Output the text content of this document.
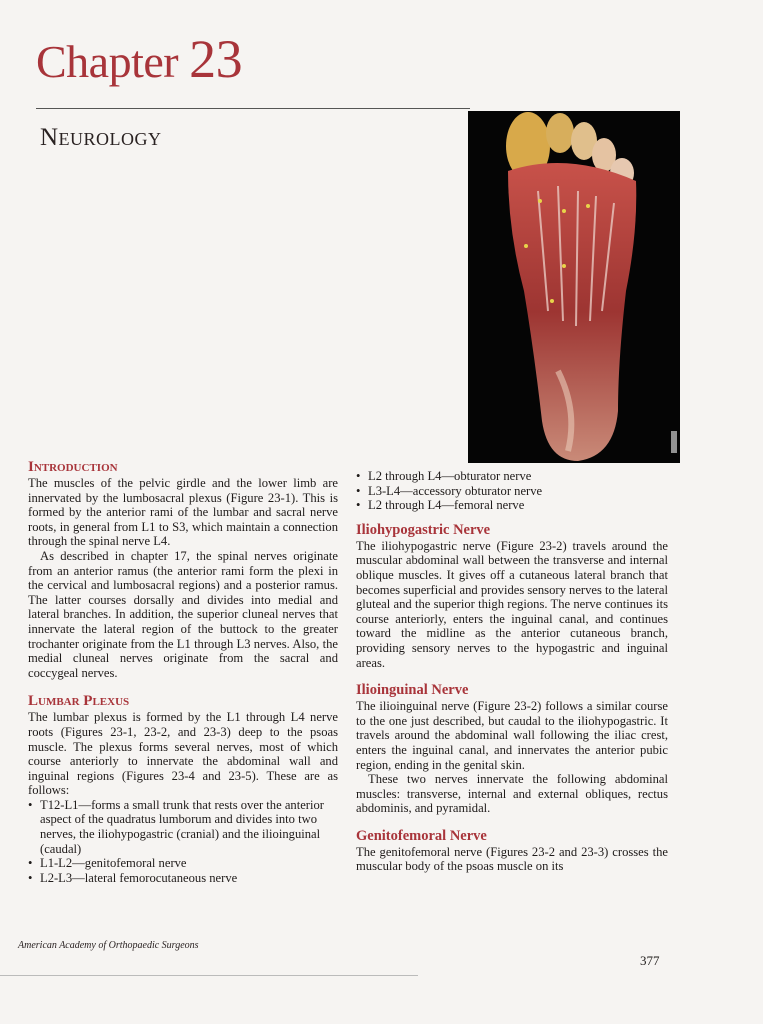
Chapter 23
Neurology
Introduction

The muscles of the pelvic girdle and the lower limb are innervated by the lumbosacral plexus (Figure 23-1). This is formed by the anterior rami of the lumbar and sacral nerve roots, in general from L1 to S3, which maintain a connection through the spinal nerve L4.

As described in chapter 17, the spinal nerves originate from an anterior ramus (the anterior rami form the plexi in the cervical and lumbosacral regions) and a posterior ramus. The latter courses dorsally and divides into medial and lateral branches. In addition, the superior cluneal nerves that innervate the lateral region of the buttock to the greater trochanter originate from the L1 through L3 nerves. Also, the medial cluneal nerves originate from the sacral and coccygeal nerves.

Lumbar Plexus

The lumbar plexus is formed by the L1 through L4 nerve roots (Figures 23-1, 23-2, and 23-3) deep to the psoas muscle. The plexus forms several nerves, most of which course anteriorly to innervate the abdominal wall and inguinal regions (Figures 23-4 and 23-5). These are as follows:

• T12-L1—forms a small trunk that rests over the anterior aspect of the quadratus lumborum and divides into two nerves, the iliohypogastric (cranial) and the ilioinguinal (caudal)
• L1-L2—genitofemoral nerve
• L2-L3—lateral femorocutaneous nerve
• L2 through L4—obturator nerve
• L3-L4—accessory obturator nerve
• L2 through L4—femoral nerve
Iliohypogastric Nerve

The iliohypogastric nerve (Figure 23-2) travels around the muscular abdominal wall between the transverse and internal oblique muscles. It gives off a cutaneous lateral branch that becomes superficial and provides sensory nerves to the lateral gluteal and the superior thigh regions. The nerve continues its course anteriorly, enters the inguinal canal, and continues toward the midline as the anterior cutaneous branch, providing sensory nerves to the hypogastric and inguinal areas.

Ilioinguinal Nerve

The ilioinguinal nerve (Figure 23-2) follows a similar course to the one just described, but caudal to the iliohypogastric. It travels around the abdominal wall following the iliac crest, enters the inguinal canal, and innervates the anterior pubic region, ending in the genital skin.

These two nerves innervate the following abdominal muscles: transverse, internal and external obliques, rectus abdominis, and pyramidal.

Genitofemoral Nerve

The genitofemoral nerve (Figures 23-2 and 23-3) crosses the muscular body of the psoas muscle on its

American Academy of Orthopaedic Surgeons
377
